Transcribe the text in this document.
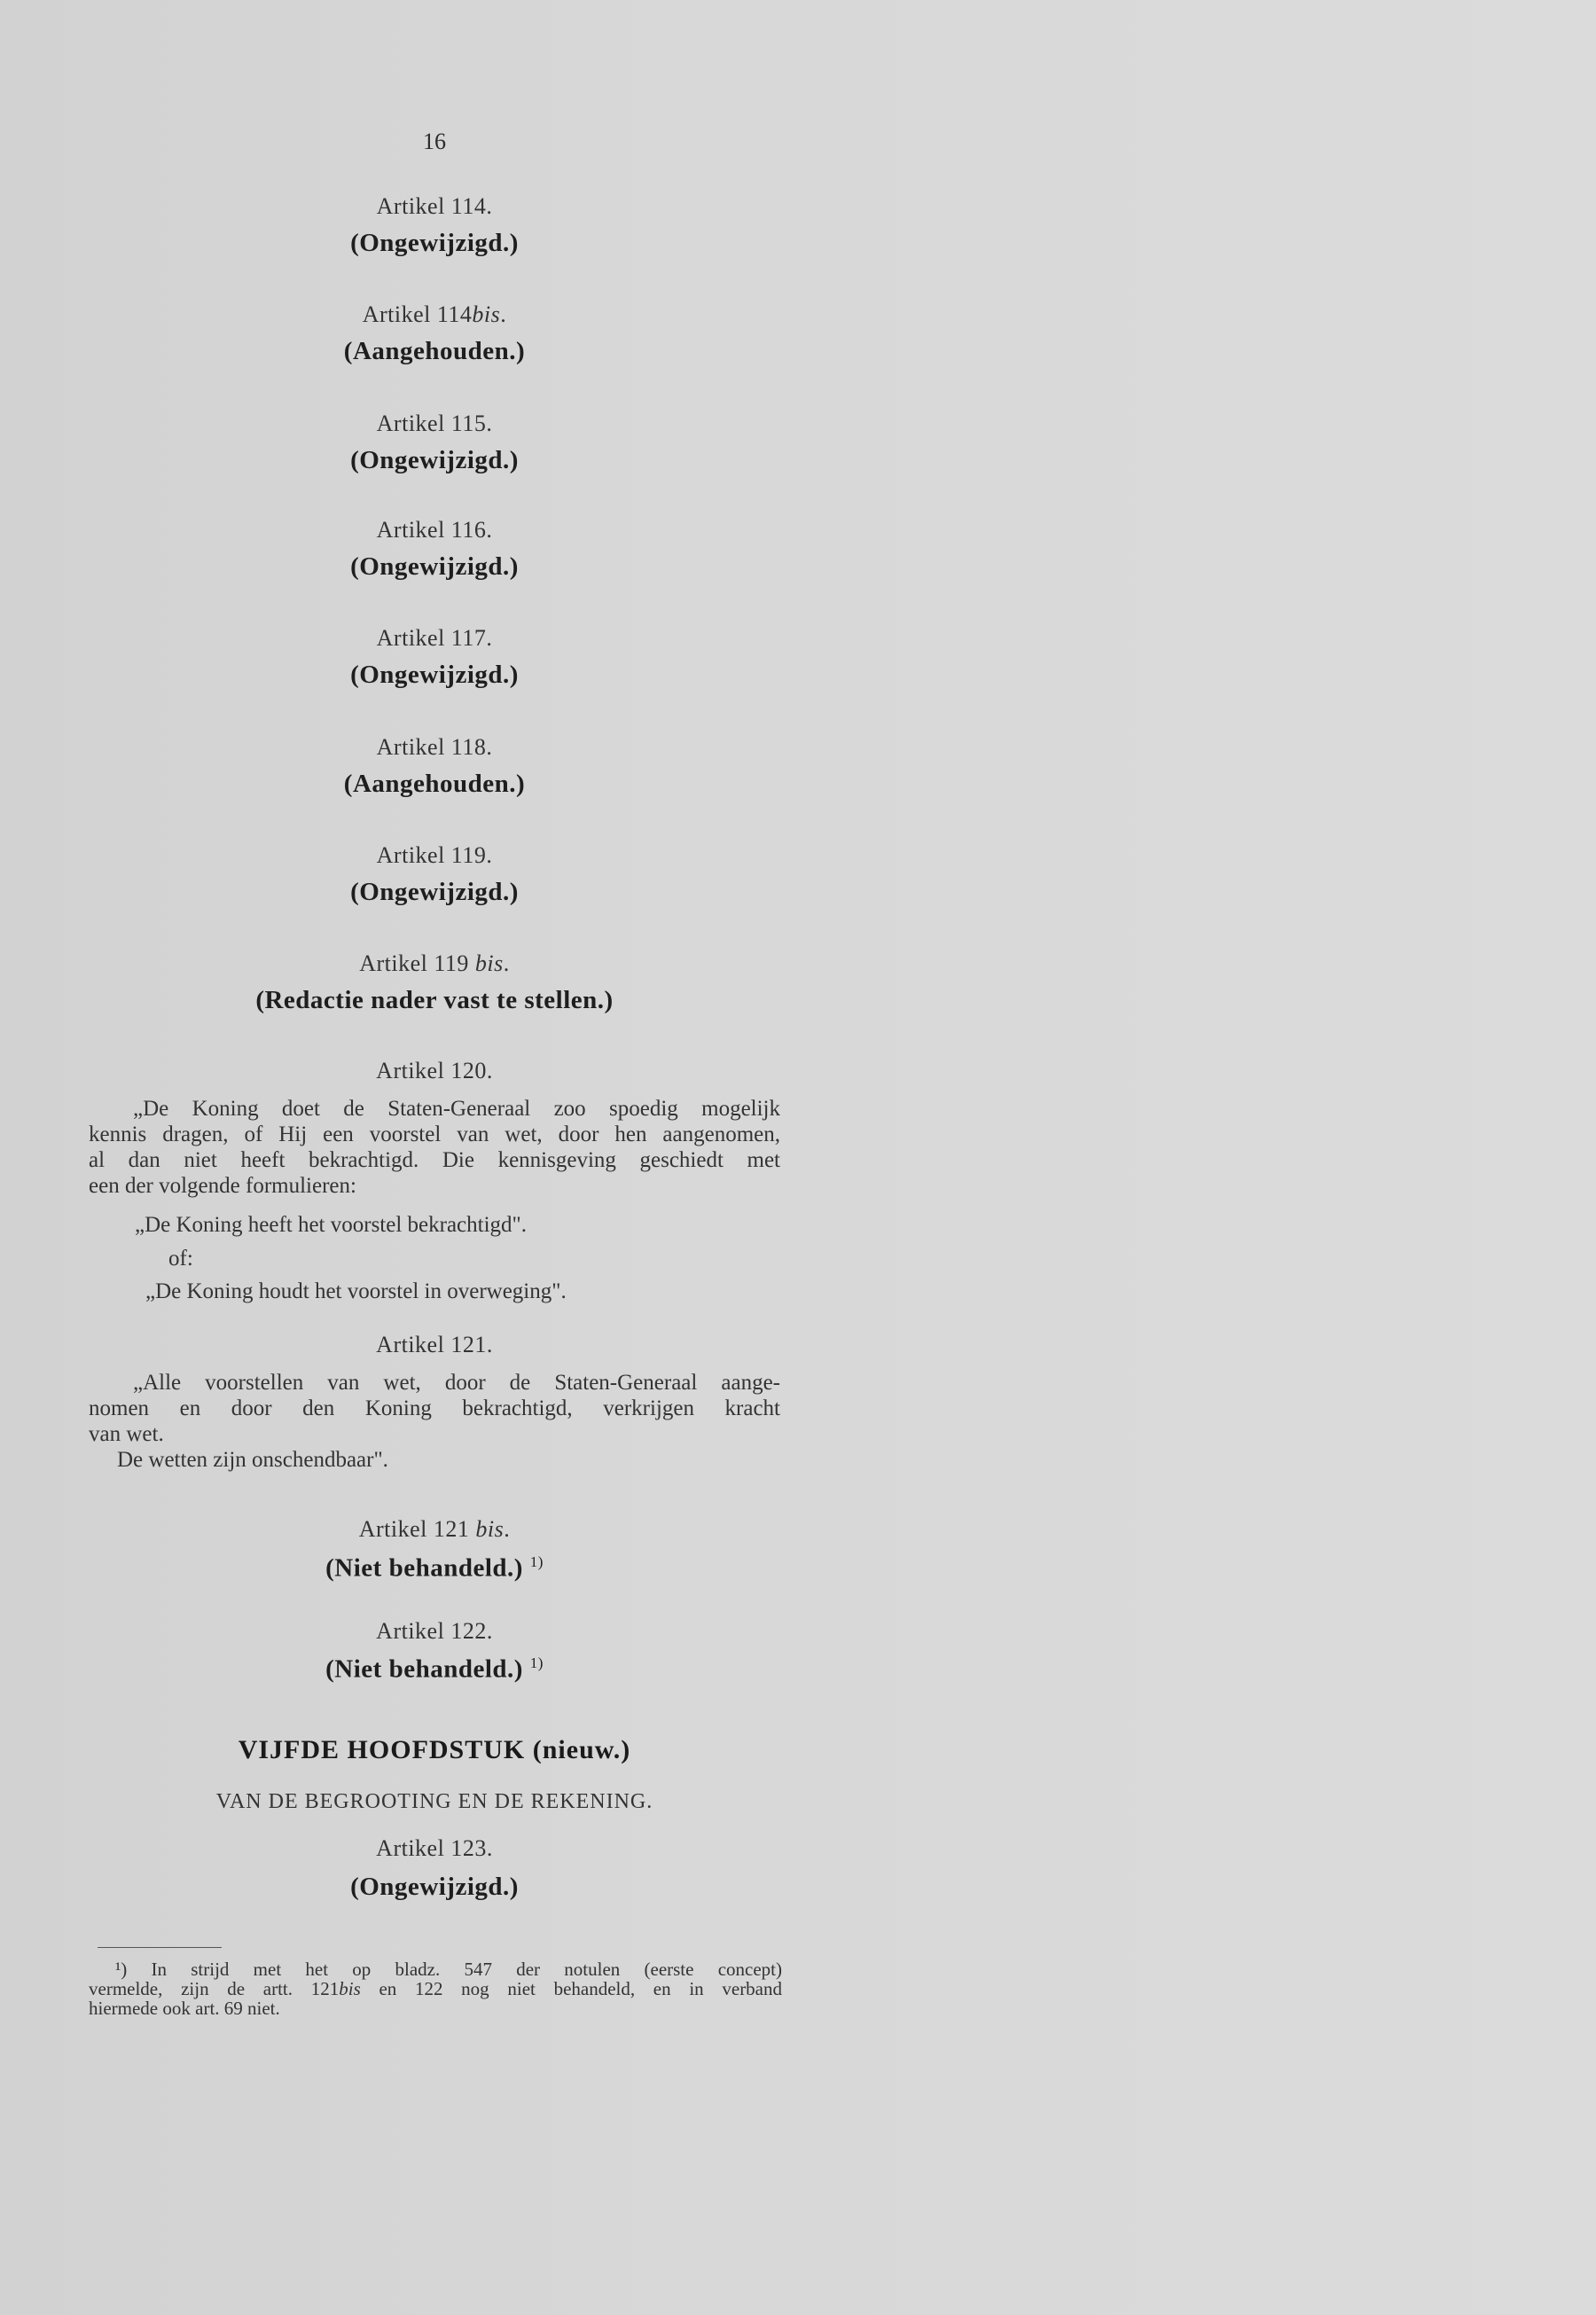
16
Artikel 114.
(Ongewijzigd.)
Artikel 114bis.
(Aangehouden.)
Artikel 115.
(Ongewijzigd.)
Artikel 116.
(Ongewijzigd.)
Artikel 117.
(Ongewijzigd.)
Artikel 118.
(Aangehouden.)
Artikel 119.
(Ongewijzigd.)
Artikel 119 bis.
(Redactie nader vast te stellen.)
Artikel 120.
„De Koning doet de Staten-Generaal zoo spoedig mogelijk
kennis dragen, of Hij een voorstel van wet, door hen aangenomen,
al dan niet heeft bekrachtigd. Die kennisgeving geschiedt met
een der volgende formulieren:
„De Koning heeft het voorstel bekrachtigd".
of:
„De Koning houdt het voorstel in overweging".
Artikel 121.
„Alle voorstellen van wet, door de Staten-Generaal aange-
nomen en door den Koning bekrachtigd, verkrijgen kracht
van wet.
De wetten zijn onschendbaar".
Artikel 121 bis.
(Niet behandeld.) $^{1)}$
Artikel 122.
(Niet behandeld.) $^{1)}$
VIJFDE HOOFDSTUK (nieuw.)
VAN DE BEGROOTING EN DE REKENING.
Artikel 123.
(Ongewijzigd.)
¹) In strijd met het op bladz. 547 der notulen (eerste concept)
vermelde, zijn de artt. 121bis en 122 nog niet behandeld, en in verband
hiermede ook art. 69 niet.
